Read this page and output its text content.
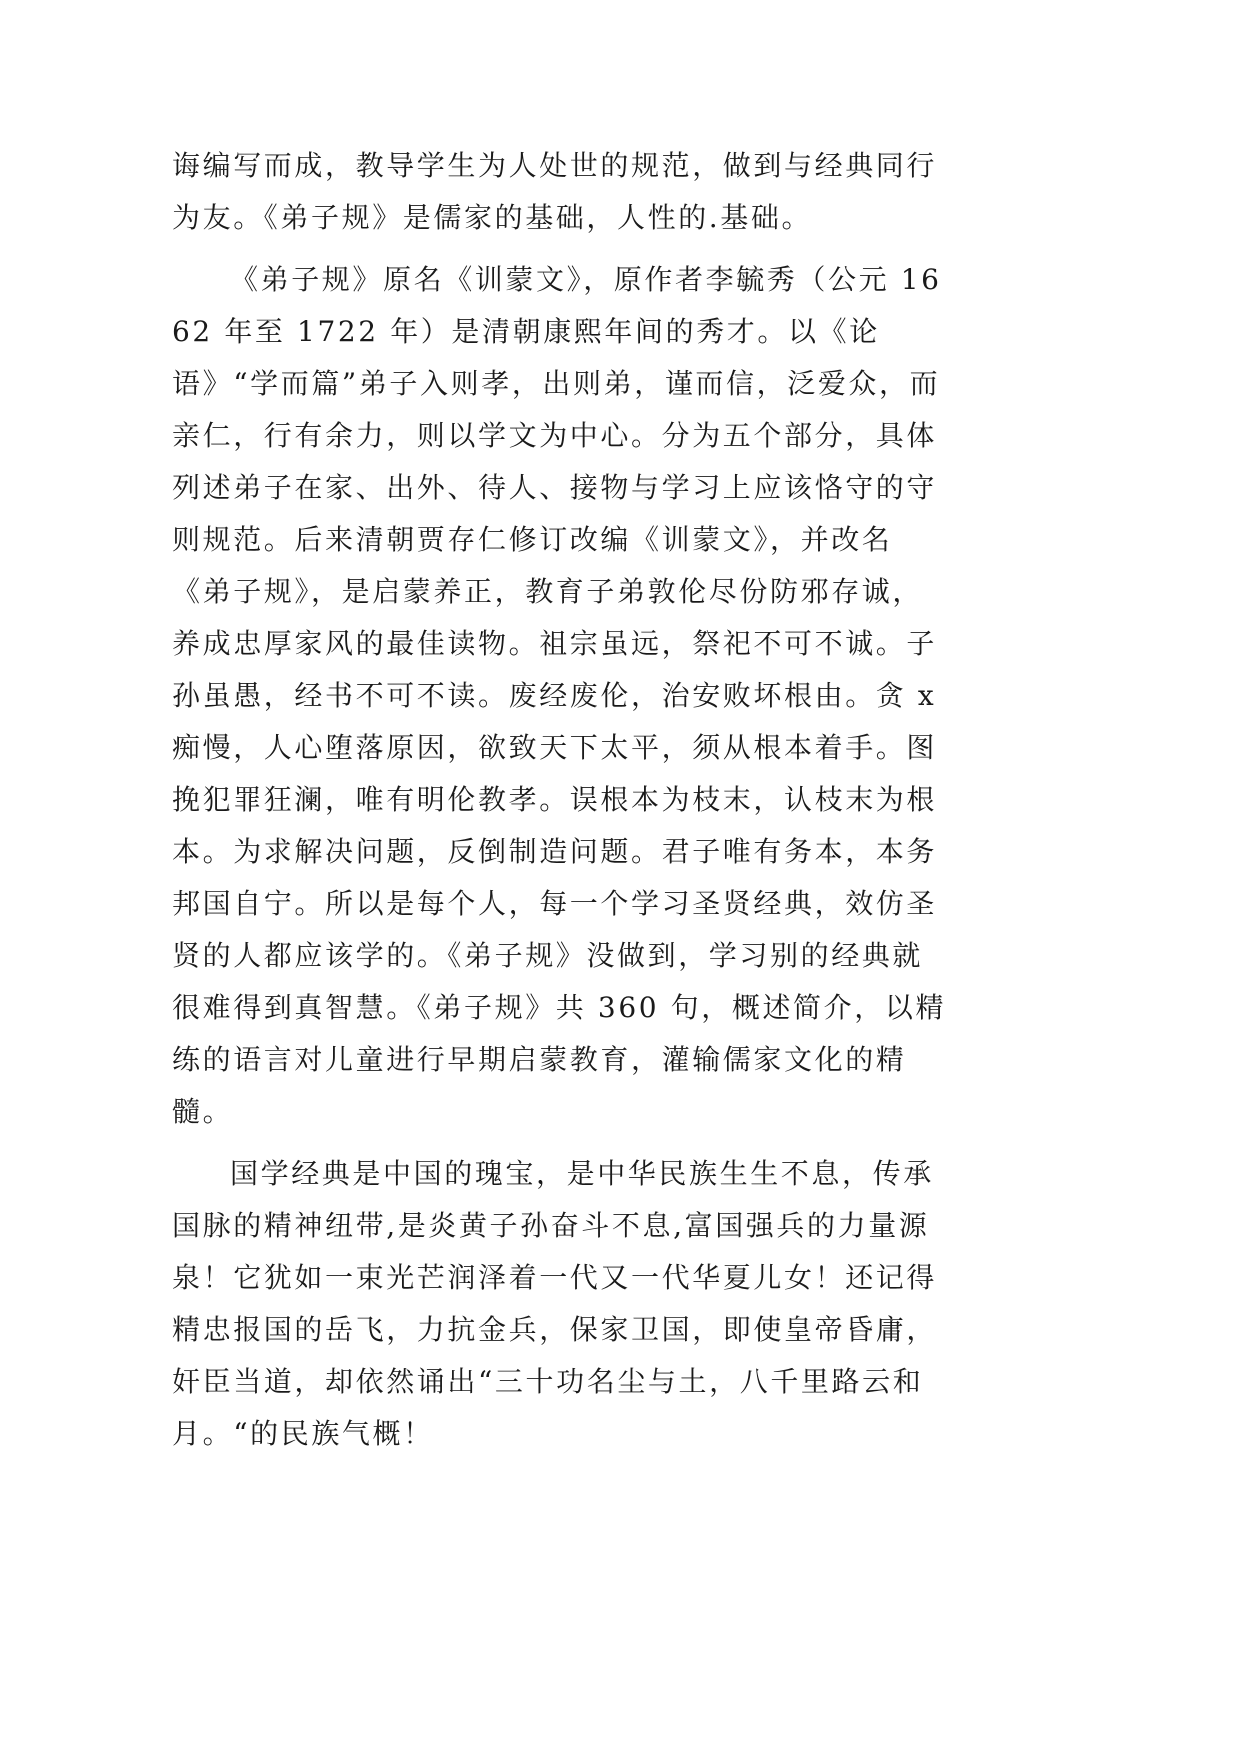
诲编写而成，教导学生为人处世的规范，做到与经典同行为友。《弟子规》是儒家的基础，人性的.基础。

《弟子规》原名《训蒙文》，原作者李毓秀（公元 1662 年至 1722 年）是清朝康熙年间的秀才。以《论语》“学而篇”弟子入则孝，出则弟，谨而信，泛爱众，而亲仁，行有余力，则以学文为中心。分为五个部分，具体列述弟子在家、出外、待人、接物与学习上应该恪守的守则规范。后来清朝贾存仁修订改编《训蒙文》，并改名《弟子规》，是启蒙养正，教育子弟敦伦尽份防邪存诚，养成忠厚家风的最佳读物。祖宗虽远，祭祀不可不诚。子孙虽愚，经书不可不读。废经废伦，治安败坏根由。贪 x 痴慢，人心堕落原因，欲致天下太平，须从根本着手。图挽犯罪狂澜，唯有明伦教孝。误根本为枝末，认枝末为根本。为求解决问题，反倒制造问题。君子唯有务本，本务邦国自宁。所以是每个人，每一个学习圣贤经典，效仿圣贤的人都应该学的。《弟子规》没做到，学习别的经典就很难得到真智慧。《弟子规》共 360 句，概述简介，以精练的语言对儿童进行早期启蒙教育，灌输儒家文化的精髓。

国学经典是中国的瑰宝，是中华民族生生不息，传承国脉的精神纽带,是炎黄子孙奋斗不息,富国强兵的力量源泉！它犹如一束光芒润泽着一代又一代华夏儿女！还记得精忠报国的岳飞，力抗金兵，保家卫国，即使皇帝昏庸，奸臣当道，却依然诵出“三十功名尘与土，八千里路云和月。“的民族气概！
